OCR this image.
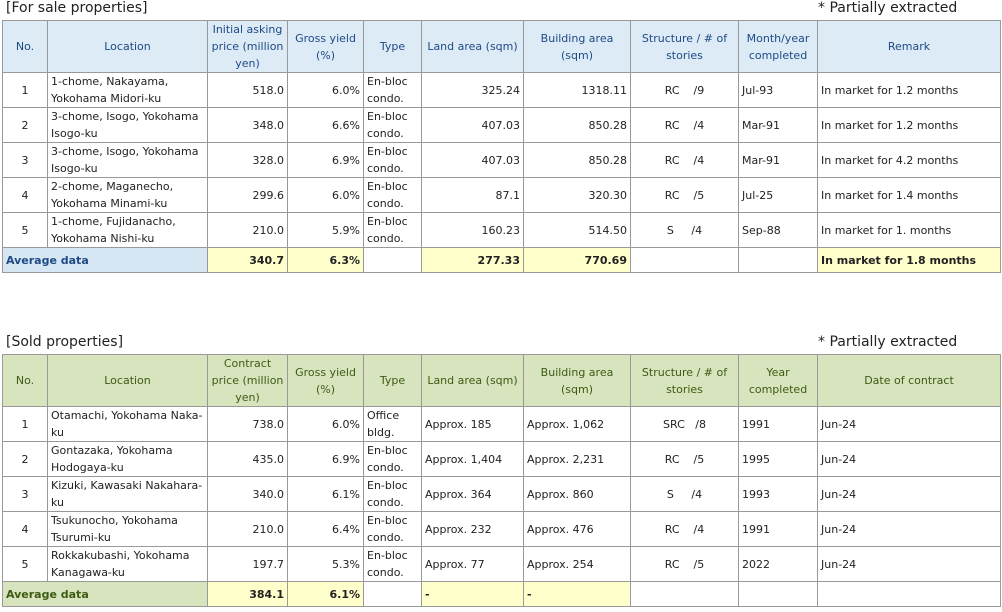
[For sale properties]	* Partially extracted
No.	Location	Initial asking price (million yen)	Gross yield (%)	Type	Land area (sqm)	Building area (sqm)	Structure / # of stories	Month/year completed	Remark
1	1-chome, Nakayama, Yokohama Midori-ku	518.0	6.0%	En-bloc condo.	325.24	1318.11	RC    /9	Jul-93	In market for 1.2 months
2	3-chome, Isogo, Yokohama Isogo-ku	348.0	6.6%	En-bloc condo.	407.03	850.28	RC    /4	Mar-91	In market for 1.2 months
3	3-chome, Isogo, Yokohama Isogo-ku	328.0	6.9%	En-bloc condo.	407.03	850.28	RC    /4	Mar-91	In market for 4.2 months
4	2-chome, Maganecho, Yokohama Minami-ku	299.6	6.0%	En-bloc condo.	87.1	320.30	RC    /5	Jul-25	In market for 1.4 months
5	1-chome, Fujidanacho, Yokohama Nishi-ku	210.0	5.9%	En-bloc condo.	160.23	514.50	S     /4	Sep-88	In market for 1. months
Average data		340.7	6.3%		277.33	770.69			In market for 1.8 months
[Sold properties]	* Partially extracted
No.	Location	Contract price (million yen)	Gross yield (%)	Type	Land area (sqm)	Building area (sqm)	Structure / # of stories	Year completed	Date of contract
1	Otamachi, Yokohama Naka-ku	738.0	6.0%	Office bldg.	Approx. 185	Approx. 1,062	SRC   /8	1991	Jun-24
2	Gontazaka, Yokohama Hodogaya-ku	435.0	6.9%	En-bloc condo.	Approx. 1,404	Approx. 2,231	RC    /5	1995	Jun-24
3	Kizuki, Kawasaki Nakahara-ku	340.0	6.1%	En-bloc condo.	Approx. 364	Approx. 860	S     /4	1993	Jun-24
4	Tsukunocho, Yokohama Tsurumi-ku	210.0	6.4%	En-bloc condo.	Approx. 232	Approx. 476	RC    /4	1991	Jun-24
5	Rokkakubashi, Yokohama Kanagawa-ku	197.7	5.3%	En-bloc condo.	Approx. 77	Approx. 254	RC    /5	2022	Jun-24
Average data		384.1	6.1%		-	-			
